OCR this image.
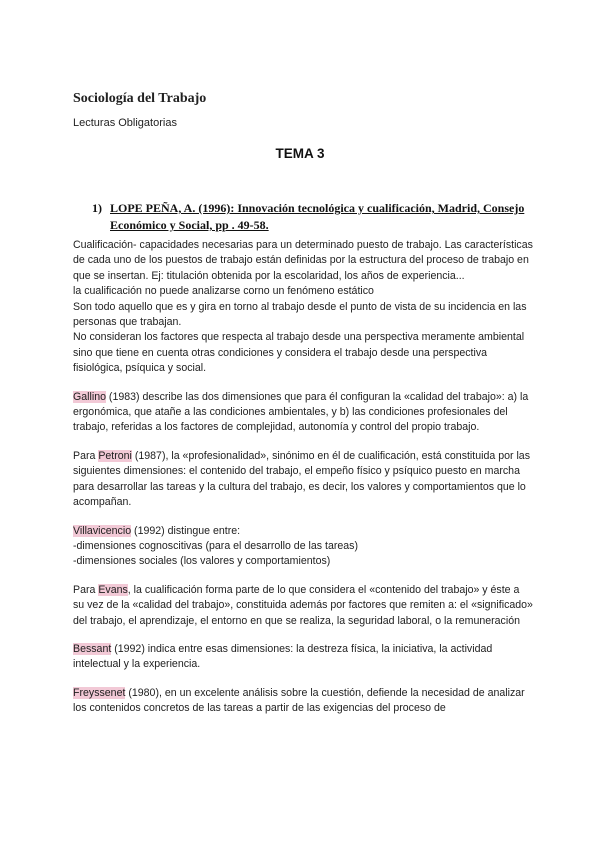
Sociología del Trabajo
Lecturas Obligatorias
TEMA 3
1) LOPE PEÑA, A. (1996): Innovación tecnológica y cualificación, Madrid, Consejo Económico y Social, pp . 49-58.

Cualificación- capacidades necesarias para un determinado puesto de trabajo. Las características de cada uno de los puestos de trabajo están definidas por la estructura del proceso de trabajo en que se insertan. Ej: titulación obtenida por la escolaridad, los años de experiencia...

la cualificación no puede analizarse corno un fenómeno estático

Son todo aquello que es y gira en torno al trabajo desde el punto de vista de su incidencia en las personas que trabajan.

No consideran los factores que respecta al trabajo desde una perspectiva meramente ambiental sino que tiene en cuenta otras condiciones y considera el trabajo desde una perspectiva fisiológica, psíquica y social.

Gallino (1983) describe las dos dimensiones que para él configuran la «calidad del trabajo»: a) la ergonómica, que atañe a las condiciones ambientales, y b) las condiciones profesionales del trabajo, referidas a los factores de complejidad, autonomía y control del propio trabajo.

Para Petroni (1987), la «profesionalidad», sinónimo en él de cualificación, está constituida por las siguientes dimensiones: el contenido del trabajo, el empeño físico y psíquico puesto en marcha para desarrollar las tareas y la cultura del trabajo, es decir, los valores y comportamientos que lo acompañan.

Villavicencio (1992) distingue entre:

-dimensiones cognoscitivas (para el desarrollo de las tareas)

-dimensiones sociales (los valores y comportamientos)

Para Evans, la cualificación forma parte de lo que considera el «contenido del trabajo» y éste a su vez de la «calidad del trabajo», constituida además por factores que remiten a: el «significado» del trabajo, el aprendizaje, el entorno en que se realiza, la seguridad laboral, o la remuneración

Bessant (1992) indica entre esas dimensiones: la destreza física, la iniciativa, la actividad intelectual y la experiencia.

Freyssenet (1980), en un excelente análisis sobre la cuestión, defiende la necesidad de analizar los contenidos concretos de las tareas a partir de las exigencias del proceso de
